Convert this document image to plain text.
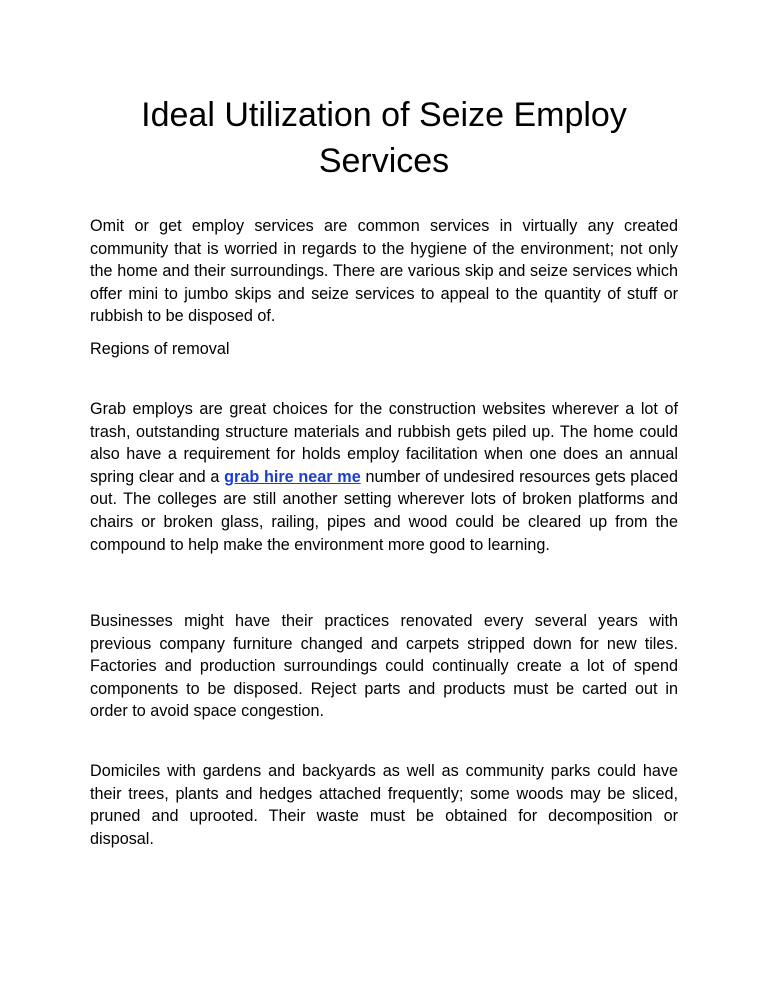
Ideal Utilization of Seize Employ Services

Omit or get employ services are common services in virtually any created community that is worried in regards to the hygiene of the environment; not only the home and their surroundings. There are various skip and seize services which offer mini to jumbo skips and seize services to appeal to the quantity of stuff or rubbish to be disposed of.

Regions of removal

Grab employs are great choices for the construction websites wherever a lot of trash, outstanding structure materials and rubbish gets piled up. The home could also have a requirement for holds employ facilitation when one does an annual spring clear and a grab hire near me number of undesired resources gets placed out. The colleges are still another setting wherever lots of broken platforms and chairs or broken glass, railing, pipes and wood could be cleared up from the compound to help make the environment more good to learning.

Businesses might have their practices renovated every several years with previous company furniture changed and carpets stripped down for new tiles. Factories and production surroundings could continually create a lot of spend components to be disposed. Reject parts and products must be carted out in order to avoid space congestion.

Domiciles with gardens and backyards as well as community parks could have their trees, plants and hedges attached frequently; some woods may be sliced, pruned and uprooted. Their waste must be obtained for decomposition or disposal.
